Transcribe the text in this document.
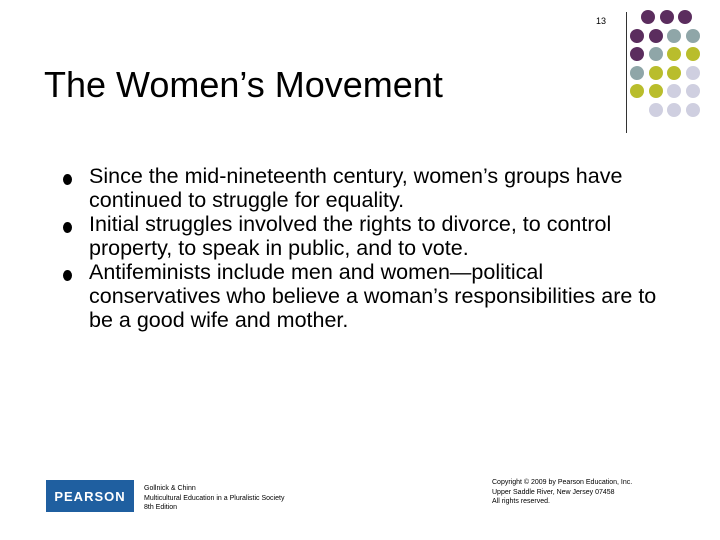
13
The Women’s Movement
Since the mid-nineteenth century, women’s groups have continued to struggle for equality.
Initial struggles involved the rights to divorce, to control property, to speak in public, and to vote.
Antifeminists include men and women—political conservatives who believe a woman’s responsibilities are to be a good wife and mother.
PEARSON	Gollnick & Chinn
Multicultural Education in a Pluralistic Society
8th Edition
Copyright © 2009 by Pearson Education, Inc.
Upper Saddle River, New Jersey 07458
All rights reserved.
